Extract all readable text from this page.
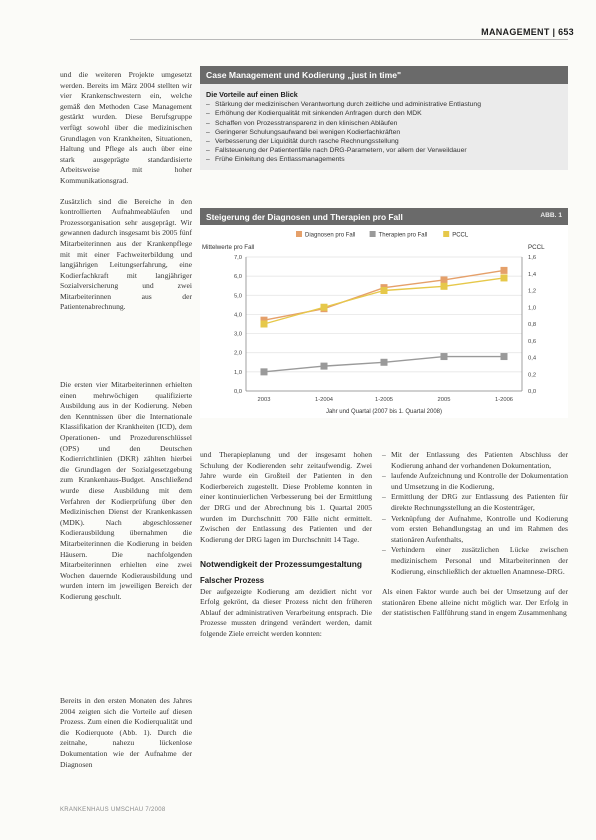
MANAGEMENT | 653

und die weiteren Projekte umgesetzt werden. Bereits im März 2004 stellten wir vier Krankenschwestern ein, welche gemäß den Methoden Case Management gestärkt wurden. Diese Berufsgruppe verfügt sowohl über die medizinischen Grundlagen von Krankheiten, Situationen, Haltung und Pflege als auch über eine stark ausgeprägte standardisierte Arbeitsweise mit hoher Kommunikationsgrad.

Zusätzlich sind die Bereiche in den kontrollierten Aufnahmeabläufen und Prozessorganisation sehr ausgeprägt. Wir gewannen dadurch insgesamt bis 2005 fünf Mitarbeiterinnen aus der Krankenpflege mit mit einer Fachweiterbildung und langjährigen Leitungserfahrung, eine Kodierfachkraft mit langjähriger Sozialversicherung und zwei Mitarbeiterinnen aus der Patientenabrechnung.

Die ersten vier Mitarbeiterinnen erhielten einen mehrwöchigen qualifizierte Ausbildung aus in der Kodierung. Neben den Kenntnissen über die Internationale Klassifikation der Krankheiten (ICD), dem Operationen- und Prozedurenschlüssel (OPS) und den Deutschen Kodierrichtlinien (DKR) zählten hierbei die Grundlagen der Sozialgesetzgebung zum Krankenhaus-Budget. Anschließend wurde diese Ausbildung mit dem Verfahren der Kodierprüfung über den Medizinischen Dienst der Krankenkassen (MDK). Nach abgeschlossener Kodierausbildung übernahmen die Mitarbeiterinnen die Kodierung in beiden Häusern. Die nachfolgenden Mitarbeiterinnen erhielten eine zwei Wochen dauernde Kodierausbildung und wurden intern im jeweiligen Bereich der Kodierung geschult.

Bereits in den ersten Monaten des Jahres 2004 zeigten sich die Vorteile auf diesen Prozess. Zum einen die Kodierqualität und die Kodierquote (Abb. 1). Durch die zeitnahe, nahezu lückenlose Dokumentation wie der Aufnahme der Diagnosen

Case Management und Kodierung „just in time"
Die Vorteile auf einen Blick
– Stärkung der medizinischen Verantwortung durch zeitliche und administrative Entlastung
– Erhöhung der Kodierqualität mit sinkenden Anfragen durch den MDK
– Schaffen von Prozesstransparenz in den klinischen Abläufen
– Geringerer Schulungsaufwand bei wenigen Kodierfachkräften
– Verbesserung der Liquidität durch rasche Rechnungsstellung
– Fallsteuerung der Patientenfälle nach DRG-Parametern, vor allem der Verweildauer
– Frühe Einleitung des Entlassmanagements
Steigerung der Diagnosen und Therapien pro Fall	ABB. 1
Diagnosen pro Fall	Therapien pro Fall	PCCL
Mittelwerte pro Fall	PCCL
0,0
1,0
2,0
3,0
4,0
5,0
6,0
7,0
0,0
0,2
0,4
0,6
0,8
1,0
1,2
1,4
1,6
2003	1-2004	1-2005	2005	1-2006
Jahr und Quartal (2007 bis 1. Quartal 2008)

und Therapieplanung und der insgesamt hohen Schulung der Kodierenden sehr zeitaufwendig. Zwei Jahre wurde ein Großteil der Patienten in den Kodierbereich zugestellt. Diese Probleme konnten in einer kontinuierlichen Verbesserung bei der Ermittlung der DRG und der Abrechnung bis 1. Quartal 2005 wurden im Durchschnitt 700 Fälle nicht ermittelt. Zwischen der Entlassung des Patienten und der Kodierung der DRG lagen im Durchschnitt 14 Tage.

Notwendigkeit der Prozessumgestaltung
Falscher Prozess

Der aufgezeigte Kodierung am dezidiert nicht vor Erfolg gekrönt, da dieser Prozess nicht den früheren Ablauf der administrativen Verarbeitung entsprach. Die Prozesse mussten dringend verändert werden, damit folgende Ziele erreicht werden konnten:

– Mit der Entlassung des Patienten Abschluss der Kodierung anhand der vorhandenen Dokumentation,
– laufende Aufzeichnung und Kontrolle der Dokumentation und Umsetzung in die Kodierung,
– Ermittlung der DRG zur Entlassung des Patienten für direkte Rechnungsstellung an die Kostenträger,
– Verknüpfung der Aufnahme, Kontrolle und Kodierung vom ersten Behandlungstag an und im Rahmen des stationären Aufenthalts,
– Verhindern einer zusätzlichen Lücke zwischen medizinischem Personal und Mitarbeiterinnen der Kodierung, einschließlich der aktuellen Anamnese-DRG.

Als einen Faktor wurde auch bei der Umsetzung auf der stationären Ebene alleine nicht möglich war. Der Erfolg in der statistischen Fallführung stand in engem Zusammenhang

KRANKENHAUS UMSCHAU 7/2008
